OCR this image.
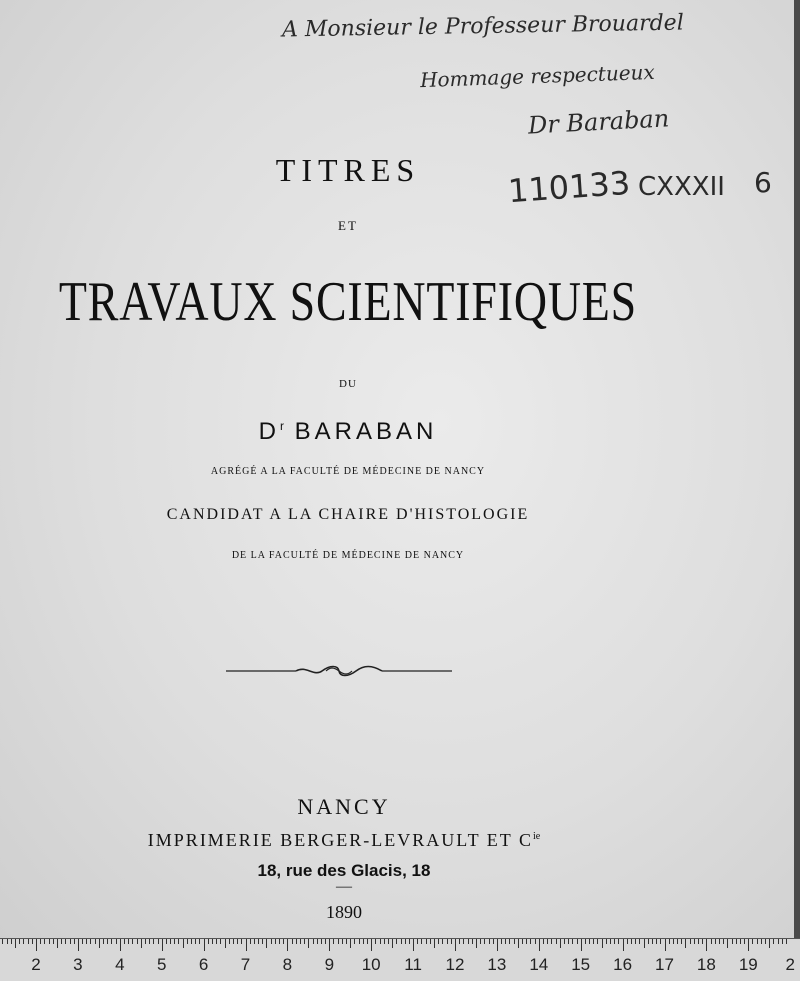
A Monsieur le Professeur Brouardel
Hommage respectueux
Dr Baraban
110133 CXXXII 6
TITRES
ET
TRAVAUX SCIENTIFIQUES
DU
$D^r$ BARABAN
AGRÉGÉ A LA FACULTÉ DE MÉDECINE DE NANCY
CANDIDAT A LA CHAIRE D'HISTOLOGIE
DE LA FACULTÉ DE MÉDECINE DE NANCY
NANCY
IMPRIMERIE BERGER-LEVRAULT ET $C^{ie}$
18, rue des Glacis, 18
—
1890
2 3 4 5 6 7 8 9 10 11 12 13 14 15 16 17 18 19 2
